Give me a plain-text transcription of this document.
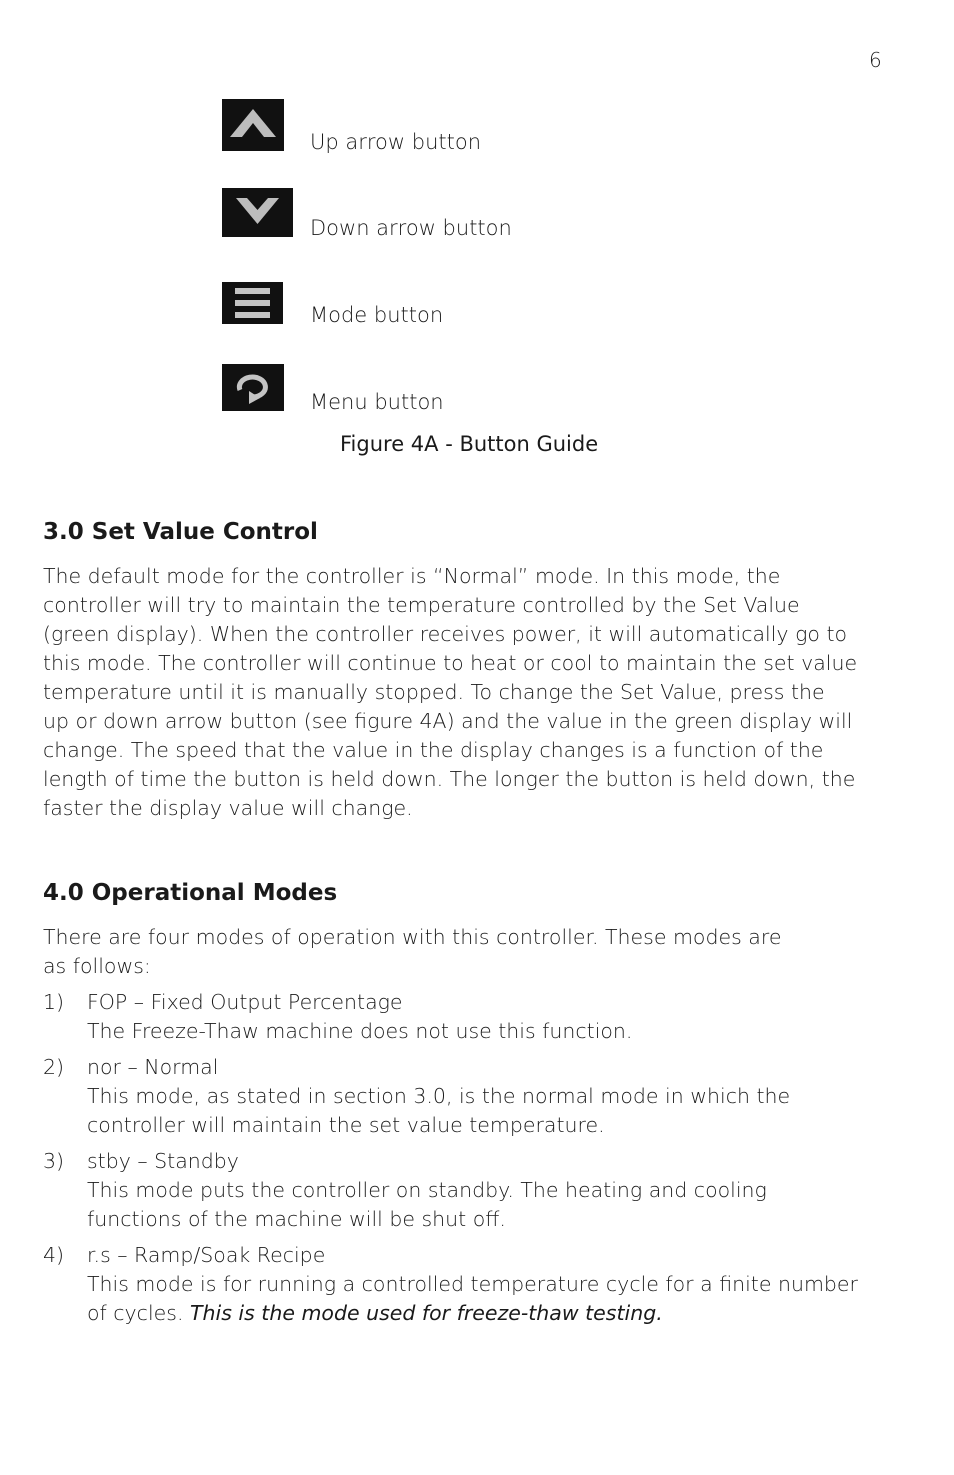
6
Up arrow button
Down arrow button
Mode button
Menu button
Figure 4A - Button Guide
3.0 Set Value Control

The default mode for the controller is “Normal” mode. In this mode, the
controller will try to maintain the temperature controlled by the Set Value
(green display). When the controller receives power, it will automatically go to
this mode. The controller will continue to heat or cool to maintain the set value
temperature until it is manually stopped. To change the Set Value, press the
up or down arrow button (see figure 4A) and the value in the green display will
change. The speed that the value in the display changes is a function of the
length of time the button is held down. The longer the button is held down, the
faster the display value will change.

4.0 Operational Modes

There are four modes of operation with this controller. These modes are
as follows:

1) FOP – Fixed Output Percentage
The Freeze-Thaw machine does not use this function.
2) nor – Normal
This mode, as stated in section 3.0, is the normal mode in which the
controller will maintain the set value temperature.
3) stby – Standby
This mode puts the controller on standby. The heating and cooling
functions of the machine will be shut off.
4) r.s – Ramp/Soak Recipe
This mode is for running a controlled temperature cycle for a finite number
of cycles. This is the mode used for freeze-thaw testing.
